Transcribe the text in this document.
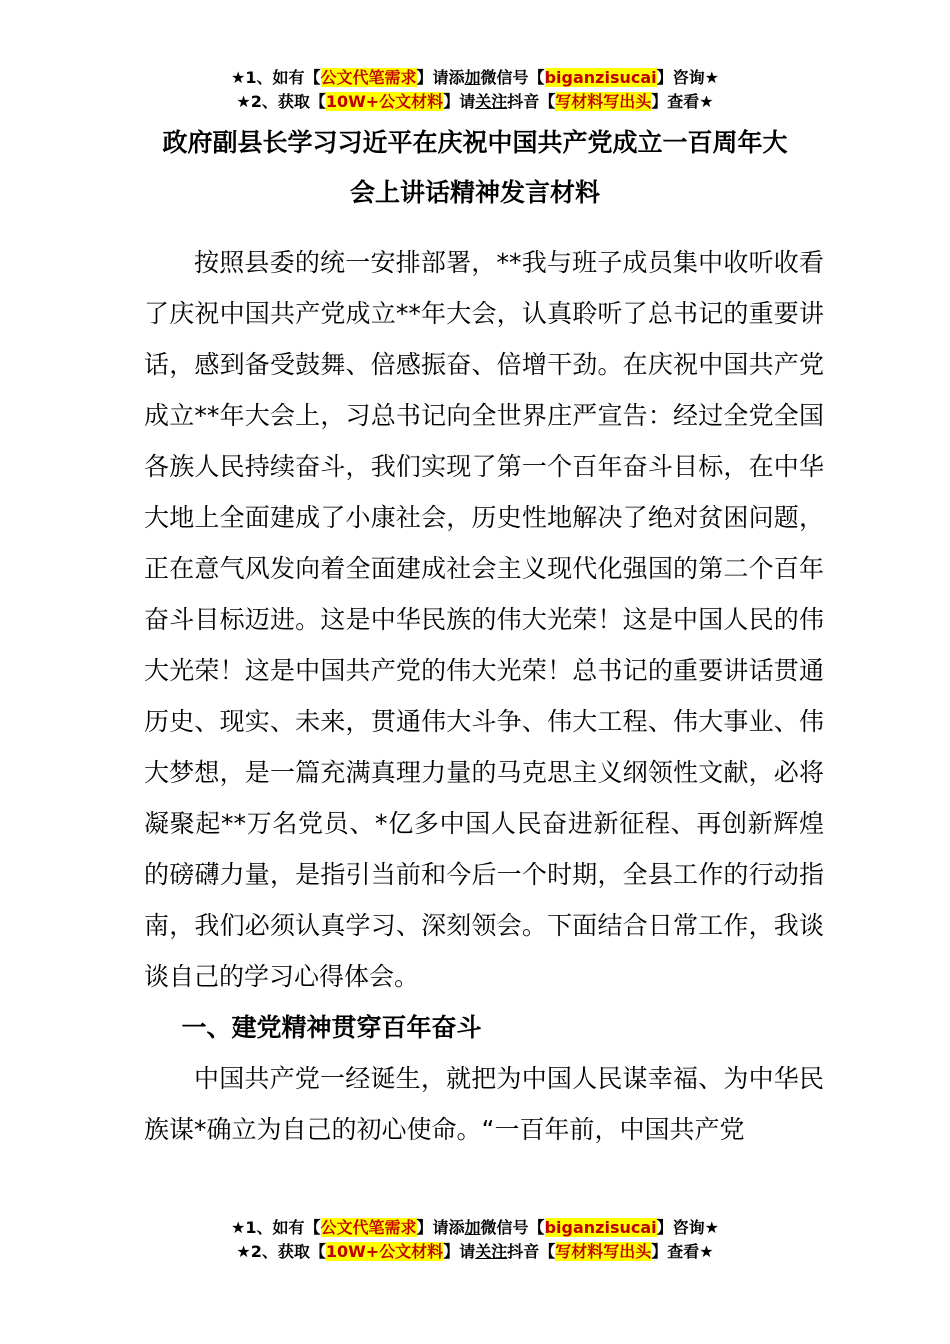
★1、如有【公文代笔需求】请添加微信号【biganzisucai】咨询★
★2、获取【10W+公文材料】请关注抖音【写材料写出头】查看★
政府副县长学习习近平在庆祝中国共产党成立一百周年大
会上讲话精神发言材料

按照县委的统一安排部署，**我与班子成员集中收听收看了庆祝中国共产党成立**年大会，认真聆听了总书记的重要讲话，感到备受鼓舞、倍感振奋、倍增干劲。在庆祝中国共产党成立**年大会上，习总书记向全世界庄严宣告：经过全党全国各族人民持续奋斗，我们实现了第一个百年奋斗目标，在中华大地上全面建成了小康社会，历史性地解决了绝对贫困问题，正在意气风发向着全面建成社会主义现代化强国的第二个百年奋斗目标迈进。这是中华民族的伟大光荣！这是中国人民的伟大光荣！这是中国共产党的伟大光荣！总书记的重要讲话贯通历史、现实、未来，贯通伟大斗争、伟大工程、伟大事业、伟大梦想，是一篇充满真理力量的马克思主义纲领性文献，必将凝聚起**万名党员、*亿多中国人民奋进新征程、再创新辉煌的磅礴力量，是指引当前和今后一个时期，全县工作的行动指南，我们必须认真学习、深刻领会。下面结合日常工作，我谈谈自己的学习心得体会。

一、建党精神贯穿百年奋斗

中国共产党一经诞生，就把为中国人民谋幸福、为中华民族谋*确立为自己的初心使命。“一百年前，中国共产党

★1、如有【公文代笔需求】请添加微信号【biganzisucai】咨询★
★2、获取【10W+公文材料】请关注抖音【写材料写出头】查看★
